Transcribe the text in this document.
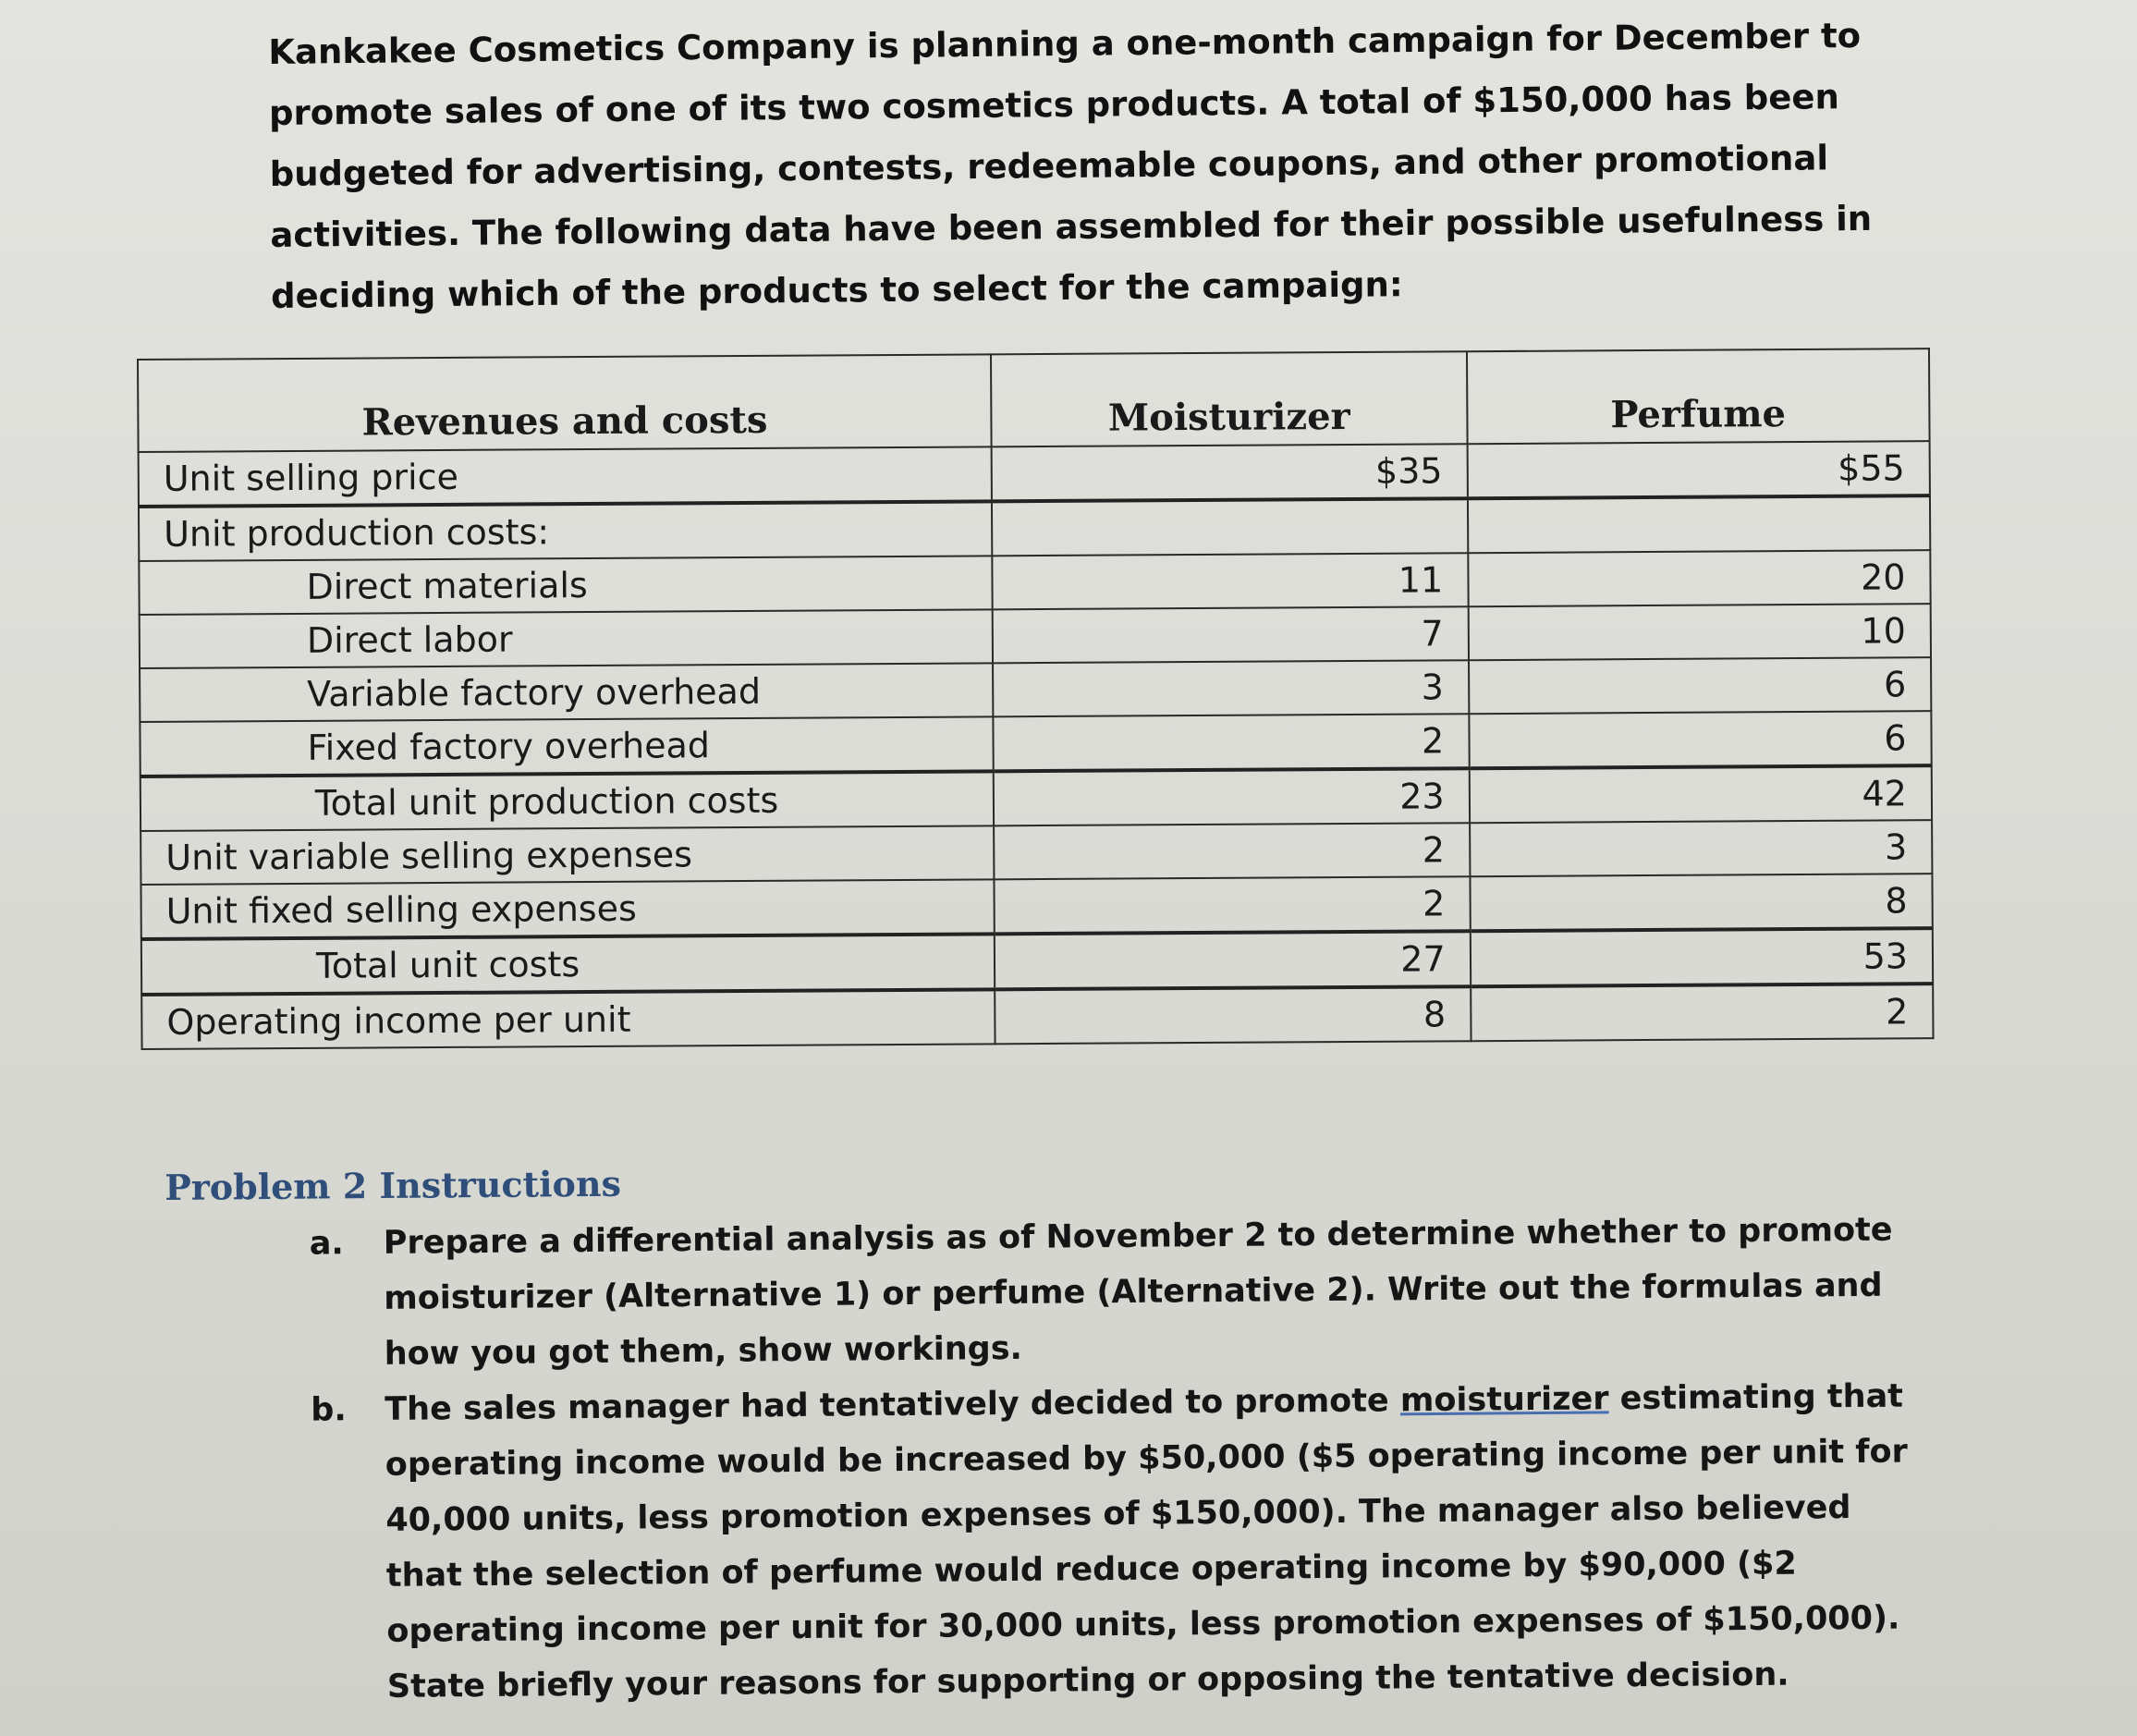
Kankakee Cosmetics Company is planning a one-month campaign for December to promote sales of one of its two cosmetics products. A total of $150,000 has been budgeted for advertising, contests, redeemable coupons, and other promotional activities. The following data have been assembled for their possible usefulness in deciding which of the products to select for the campaign:
Revenues and costs	Moisturizer	Perfume
Unit selling price	$35	$55
Unit production costs:		
Direct materials	11	20
Direct labor	7	10
Variable factory overhead	3	6
Fixed factory overhead	2	6
Total unit production costs	23	42
Unit variable selling expenses	2	3
Unit fixed selling expenses	2	8
Total unit costs	27	53
Operating income per unit	8	2
Problem 2 Instructions
a.	Prepare a differential analysis as of November 2 to determine whether to promote moisturizer (Alternative 1) or perfume (Alternative 2). Write out the formulas and how you got them, show workings.
b.	The sales manager had tentatively decided to promote moisturizer estimating that operating income would be increased by $50,000 ($5 operating income per unit for 40,000 units, less promotion expenses of $150,000). The manager also believed that the selection of perfume would reduce operating income by $90,000 ($2 operating income per unit for 30,000 units, less promotion expenses of $150,000). State briefly your reasons for supporting or opposing the tentative decision.
